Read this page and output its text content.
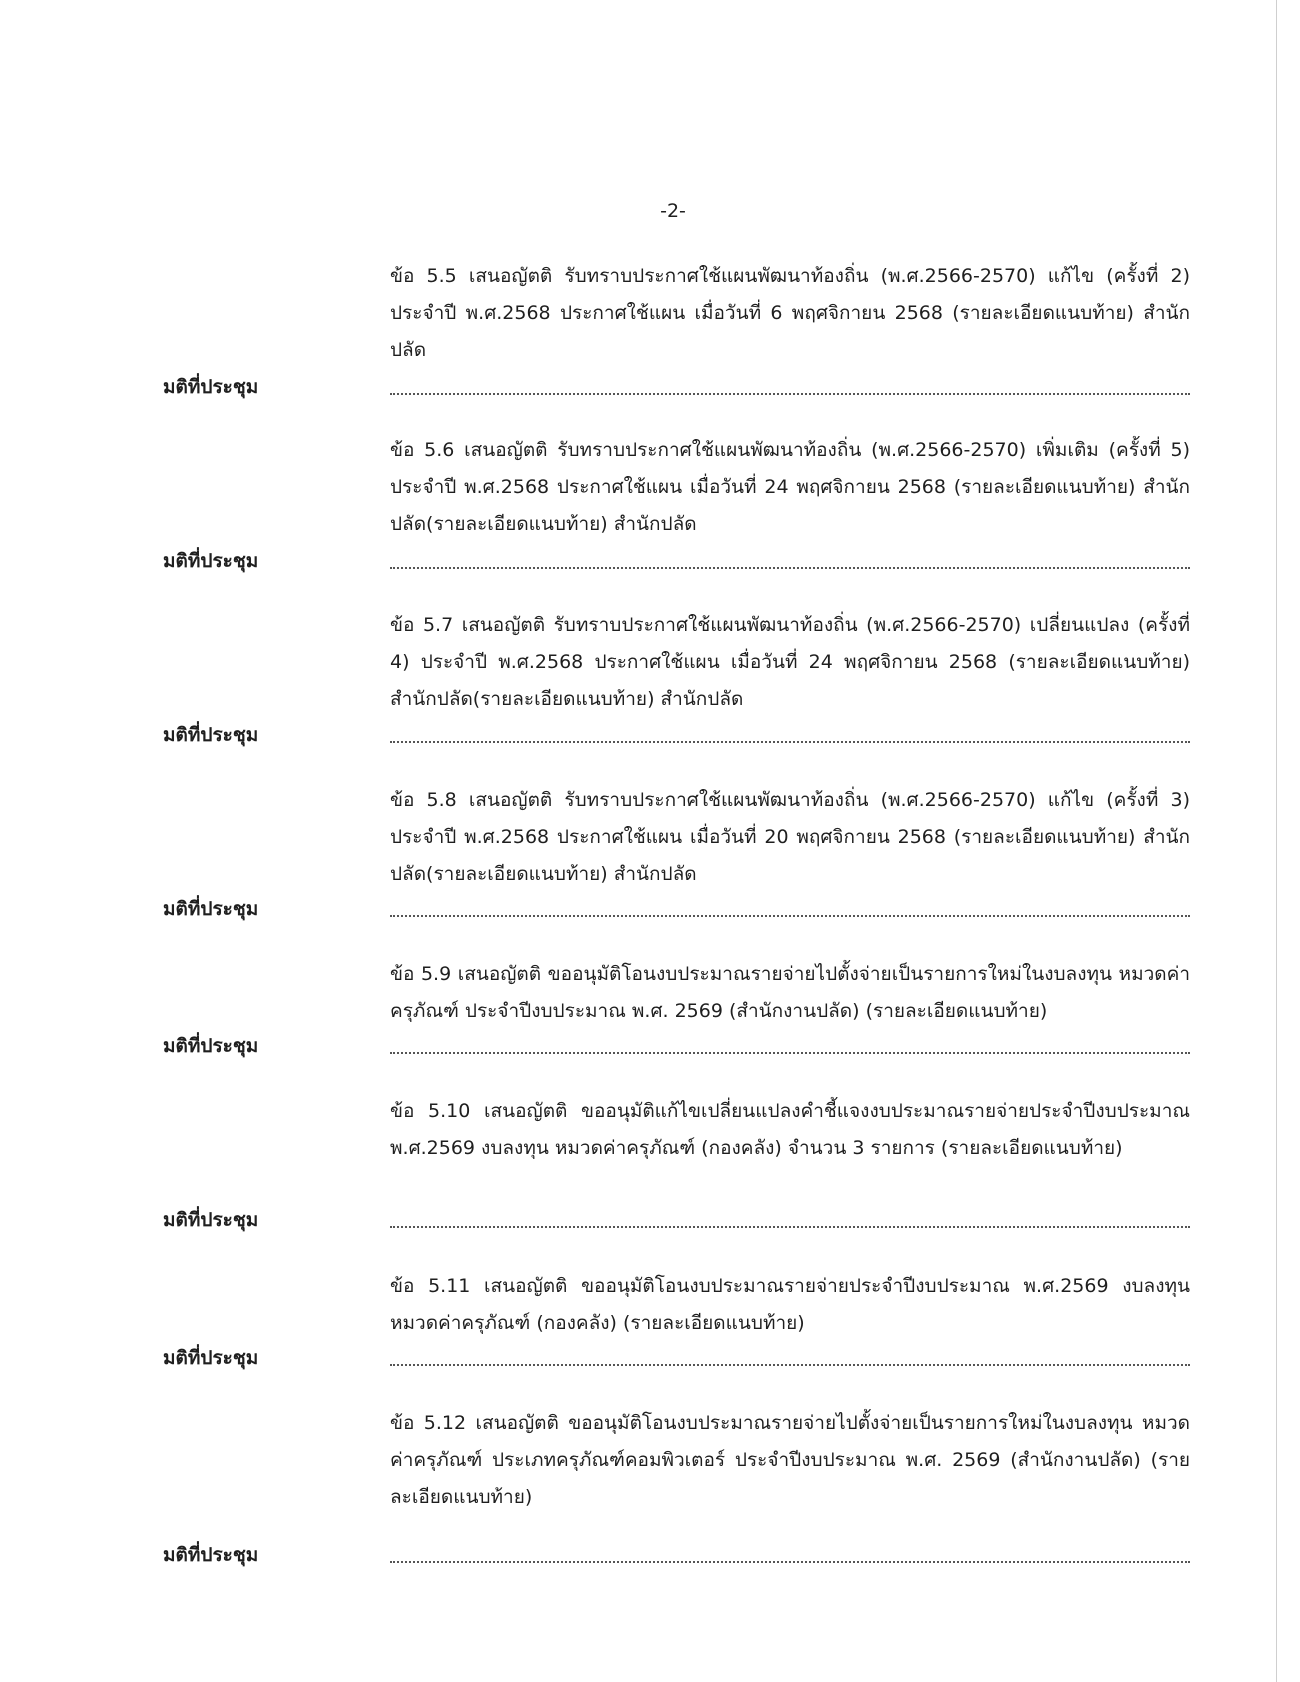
-2-

ข้อ 5.5 เสนอญัตติ รับทราบประกาศใช้แผนพัฒนาท้องถิ่น (พ.ศ.2566-2570) แก้ไข (ครั้งที่ 2) ประจำปี พ.ศ.2568 ประกาศใช้แผน เมื่อวันที่ 6 พฤศจิกายน 2568 (รายละเอียดแนบท้าย) สำนักปลัด

มติที่ประชุม

ข้อ 5.6 เสนอญัตติ รับทราบประกาศใช้แผนพัฒนาท้องถิ่น (พ.ศ.2566-2570) เพิ่มเติม (ครั้งที่ 5) ประจำปี พ.ศ.2568 ประกาศใช้แผน เมื่อวันที่ 24 พฤศจิกายน 2568 (รายละเอียดแนบท้าย) สำนักปลัด(รายละเอียดแนบท้าย) สำนักปลัด

มติที่ประชุม

ข้อ 5.7 เสนอญัตติ รับทราบประกาศใช้แผนพัฒนาท้องถิ่น (พ.ศ.2566-2570) เปลี่ยนแปลง (ครั้งที่ 4) ประจำปี พ.ศ.2568 ประกาศใช้แผน เมื่อวันที่ 24 พฤศจิกายน 2568 (รายละเอียดแนบท้าย) สำนักปลัด(รายละเอียดแนบท้าย) สำนักปลัด

มติที่ประชุม

ข้อ 5.8 เสนอญัตติ รับทราบประกาศใช้แผนพัฒนาท้องถิ่น (พ.ศ.2566-2570) แก้ไข (ครั้งที่ 3) ประจำปี พ.ศ.2568 ประกาศใช้แผน เมื่อวันที่ 20 พฤศจิกายน 2568 (รายละเอียดแนบท้าย) สำนักปลัด(รายละเอียดแนบท้าย) สำนักปลัด

มติที่ประชุม

ข้อ 5.9 เสนอญัตติ ขออนุมัติโอนงบประมาณรายจ่ายไปตั้งจ่ายเป็นรายการใหม่ในงบลงทุน หมวดค่าครุภัณฑ์ ประจำปีงบประมาณ พ.ศ. 2569 (สำนักงานปลัด) (รายละเอียดแนบท้าย)

มติที่ประชุม

ข้อ 5.10 เสนอญัตติ ขออนุมัติแก้ไขเปลี่ยนแปลงคำชี้แจงงบประมาณรายจ่ายประจำปีงบประมาณ พ.ศ.2569 งบลงทุน หมวดค่าครุภัณฑ์ (กองคลัง) จำนวน 3 รายการ (รายละเอียดแนบท้าย)

มติที่ประชุม

ข้อ 5.11 เสนอญัตติ ขออนุมัติโอนงบประมาณรายจ่ายประจำปีงบประมาณ พ.ศ.2569 งบลงทุน หมวดค่าครุภัณฑ์ (กองคลัง) (รายละเอียดแนบท้าย)

มติที่ประชุม

ข้อ 5.12 เสนอญัตติ ขออนุมัติโอนงบประมาณรายจ่ายไปตั้งจ่ายเป็นรายการใหม่ในงบลงทุน หมวดค่าครุภัณฑ์ ประเภทครุภัณฑ์คอมพิวเตอร์ ประจำปีงบประมาณ พ.ศ. 2569 (สำนักงานปลัด) (รายละเอียดแนบท้าย)

มติที่ประชุม
